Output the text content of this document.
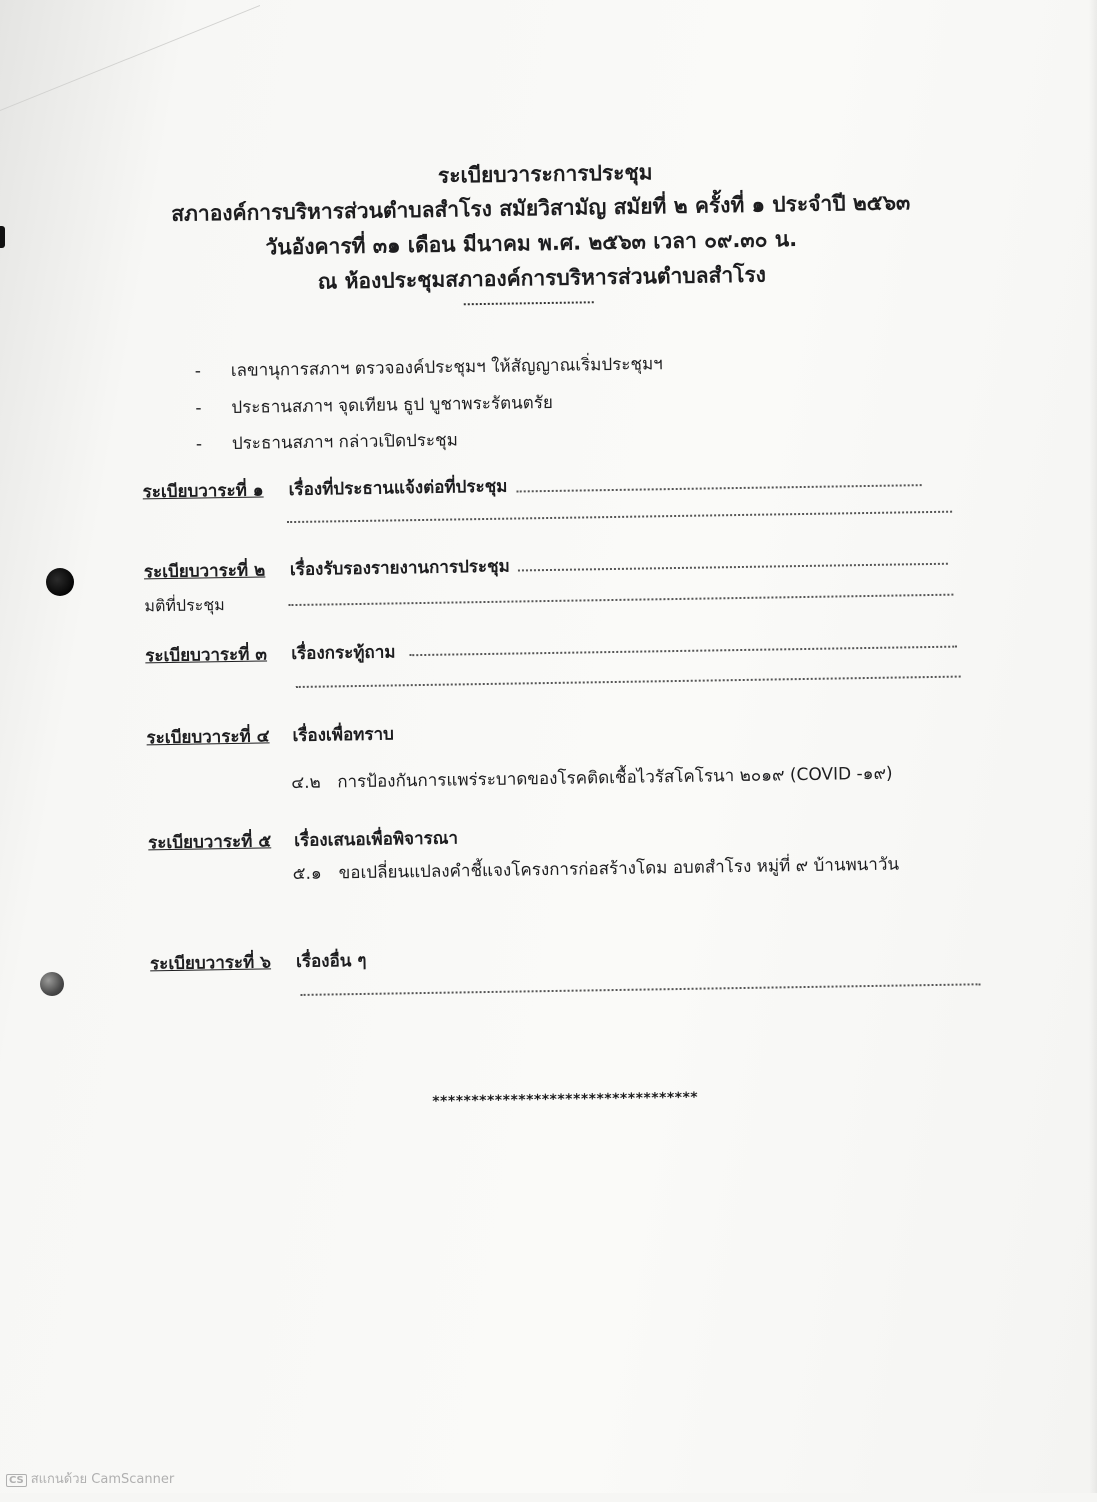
ระเบียบวาระการประชุม
สภาองค์การบริหารส่วนตำบลสำโรง สมัยวิสามัญ สมัยที่ ๒ ครั้งที่ ๑ ประจำปี ๒๕๖๓
วันอังคารที่ ๓๑ เดือน มีนาคม พ.ศ. ๒๕๖๓ เวลา ๐๙.๓๐ น.
ณ ห้องประชุมสภาองค์การบริหารส่วนตำบลสำโรง
- เลขานุการสภาฯ ตรวจองค์ประชุมฯ ให้สัญญาณเริ่มประชุมฯ
- ประธานสภาฯ จุดเทียน ธูป บูชาพระรัตนตรัย
- ประธานสภาฯ กล่าวเปิดประชุม
ระเบียบวาระที่ ๑ เรื่องที่ประธานแจ้งต่อที่ประชุม
ระเบียบวาระที่ ๒ เรื่องรับรองรายงานการประชุม
มติที่ประชุม
ระเบียบวาระที่ ๓ เรื่องกระทู้ถาม
ระเบียบวาระที่ ๔ เรื่องเพื่อทราบ
๔.๒ การป้องกันการแพร่ระบาดของโรคติดเชื้อไวรัสโคโรนา ๒๐๑๙ (COVID -๑๙)
ระเบียบวาระที่ ๕ เรื่องเสนอเพื่อพิจารณา
๕.๑ ขอเปลี่ยนแปลงคำชี้แจงโครงการก่อสร้างโดม อบตสำโรง หมู่ที่ ๙ บ้านพนาวัน
ระเบียบวาระที่ ๖ เรื่องอื่น ๆ
**********************************
CS สแกนด้วย CamScanner
